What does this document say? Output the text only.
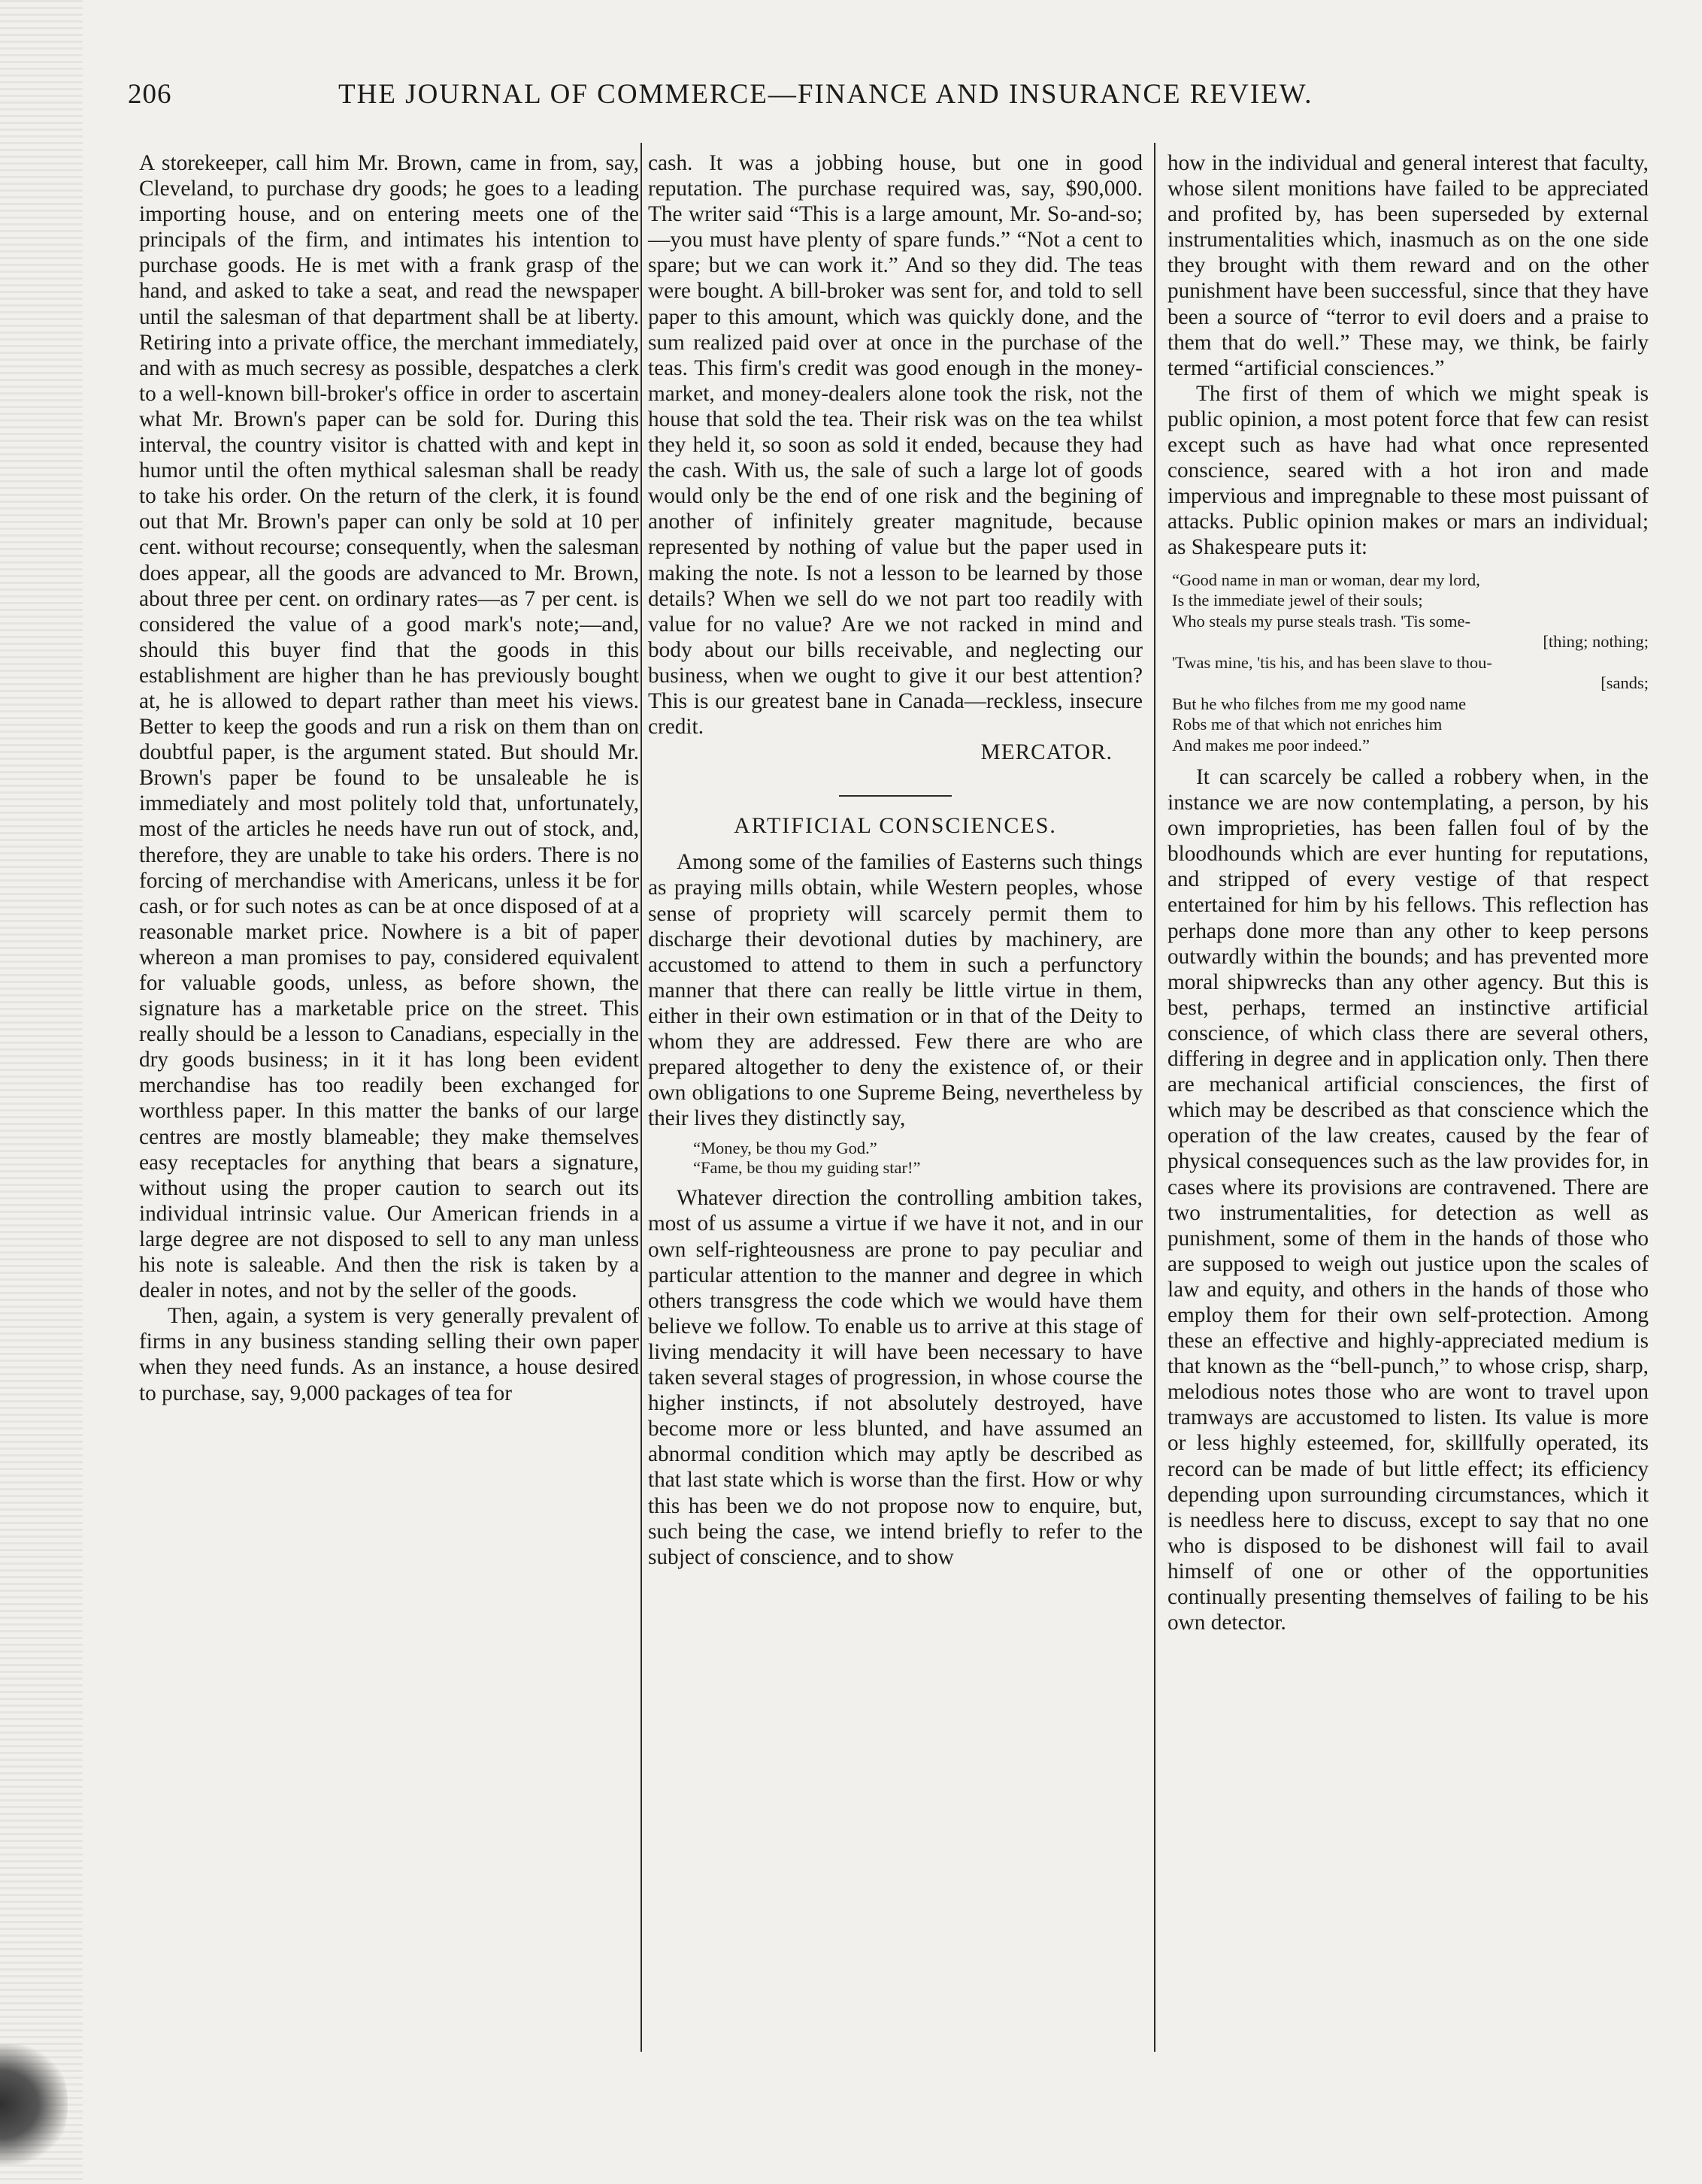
206	THE JOURNAL OF COMMERCE—FINANCE AND INSURANCE REVIEW.

A storekeeper, call him Mr. Brown, came in from, say, Cleveland, to purchase dry goods; he goes to a leading importing house, and on entering meets one of the principals of the firm, and intimates his intention to purchase goods. He is met with a frank grasp of the hand, and asked to take a seat, and read the newspaper until the salesman of that department shall be at liberty. Retiring into a private office, the merchant immediately, and with as much secresy as possible, despatches a clerk to a well-known bill-broker's office in order to ascertain what Mr. Brown's paper can be sold for. During this interval, the country visitor is chatted with and kept in humor until the often mythical salesman shall be ready to take his order. On the return of the clerk, it is found out that Mr. Brown's paper can only be sold at 10 per cent. without recourse; consequently, when the salesman does appear, all the goods are advanced to Mr. Brown, about three per cent. on ordinary rates—as 7 per cent. is considered the value of a good mark's note;—and, should this buyer find that the goods in this establishment are higher than he has previously bought at, he is allowed to depart rather than meet his views. Better to keep the goods and run a risk on them than on doubtful paper, is the argument stated. But should Mr. Brown's paper be found to be unsaleable he is immediately and most politely told that, unfortunately, most of the articles he needs have run out of stock, and, therefore, they are unable to take his orders. There is no forcing of merchandise with Americans, unless it be for cash, or for such notes as can be at once disposed of at a reasonable market price. Nowhere is a bit of paper whereon a man promises to pay, considered equivalent for valuable goods, unless, as before shown, the signature has a marketable price on the street. This really should be a lesson to Canadians, especially in the dry goods business; in it it has long been evident merchandise has too readily been exchanged for worthless paper. In this matter the banks of our large centres are mostly blameable; they make themselves easy receptacles for anything that bears a signature, without using the proper caution to search out its individual intrinsic value. Our American friends in a large degree are not disposed to sell to any man unless his note is saleable. And then the risk is taken by a dealer in notes, and not by the seller of the goods.

Then, again, a system is very generally prevalent of firms in any business standing selling their own paper when they need funds. As an instance, a house desired to purchase, say, 9,000 packages of tea for

cash. It was a jobbing house, but one in good reputation. The purchase required was, say, $90,000. The writer said “This is a large amount, Mr. So-and-so;—you must have plenty of spare funds.” “Not a cent to spare; but we can work it.” And so they did. The teas were bought. A bill-broker was sent for, and told to sell paper to this amount, which was quickly done, and the sum realized paid over at once in the purchase of the teas. This firm's credit was good enough in the money-market, and money-dealers alone took the risk, not the house that sold the tea. Their risk was on the tea whilst they held it, so soon as sold it ended, because they had the cash. With us, the sale of such a large lot of goods would only be the end of one risk and the begining of another of infinitely greater magnitude, because represented by nothing of value but the paper used in making the note. Is not a lesson to be learned by those details? When we sell do we not part too readily with value for no value? Are we not racked in mind and body about our bills receivable, and neglecting our business, when we ought to give it our best attention? This is our greatest bane in Canada—reckless, insecure credit.

MERCATOR.

ARTIFICIAL CONSCIENCES.

Among some of the families of Easterns such things as praying mills obtain, while Western peoples, whose sense of propriety will scarcely permit them to discharge their devotional duties by machinery, are accustomed to attend to them in such a perfunctory manner that there can really be little virtue in them, either in their own estimation or in that of the Deity to whom they are addressed. Few there are who are prepared altogether to deny the existence of, or their own obligations to one Supreme Being, nevertheless by their lives they distinctly say,

“Money, be thou my God.”
“Fame, be thou my guiding star!”

Whatever direction the controlling ambition takes, most of us assume a virtue if we have it not, and in our own self-righteousness are prone to pay peculiar and particular attention to the manner and degree in which others transgress the code which we would have them believe we follow. To enable us to arrive at this stage of living mendacity it will have been necessary to have taken several stages of progression, in whose course the higher instincts, if not absolutely destroyed, have become more or less blunted, and have assumed an abnormal condition which may aptly be described as that last state which is worse than the first. How or why this has been we do not propose now to enquire, but, such being the case, we intend briefly to refer to the subject of conscience, and to show

how in the individual and general interest that faculty, whose silent monitions have failed to be appreciated and profited by, has been superseded by external instrumentalities which, inasmuch as on the one side they brought with them reward and on the other punishment have been successful, since that they have been a source of “terror to evil doers and a praise to them that do well.” These may, we think, be fairly termed “artificial consciences.”

The first of them of which we might speak is public opinion, a most potent force that few can resist except such as have had what once represented conscience, seared with a hot iron and made impervious and impregnable to these most puissant of attacks. Public opinion makes or mars an individual; as Shakespeare puts it:

“Good name in man or woman, dear my lord,
Is the immediate jewel of their souls;
Who steals my purse steals trash. 'Tis some-
[thing; nothing;
'Twas mine, 'tis his, and has been slave to thou-
[sands;
But he who filches from me my good name
Robs me of that which not enriches him
And makes me poor indeed.”

It can scarcely be called a robbery when, in the instance we are now contemplating, a person, by his own improprieties, has been fallen foul of by the bloodhounds which are ever hunting for reputations, and stripped of every vestige of that respect entertained for him by his fellows. This reflection has perhaps done more than any other to keep persons outwardly within the bounds; and has prevented more moral shipwrecks than any other agency. But this is best, perhaps, termed an instinctive artificial conscience, of which class there are several others, differing in degree and in application only. Then there are mechanical artificial consciences, the first of which may be described as that conscience which the operation of the law creates, caused by the fear of physical consequences such as the law provides for, in cases where its provisions are contravened. There are two instrumentalities, for detection as well as punishment, some of them in the hands of those who are supposed to weigh out justice upon the scales of law and equity, and others in the hands of those who employ them for their own self-protection. Among these an effective and highly-appreciated medium is that known as the “bell-punch,” to whose crisp, sharp, melodious notes those who are wont to travel upon tramways are accustomed to listen. Its value is more or less highly esteemed, for, skillfully operated, its record can be made of but little effect; its efficiency depending upon surrounding circumstances, which it is needless here to discuss, except to say that no one who is disposed to be dishonest will fail to avail himself of one or other of the opportunities continually presenting themselves of failing to be his own detector.
